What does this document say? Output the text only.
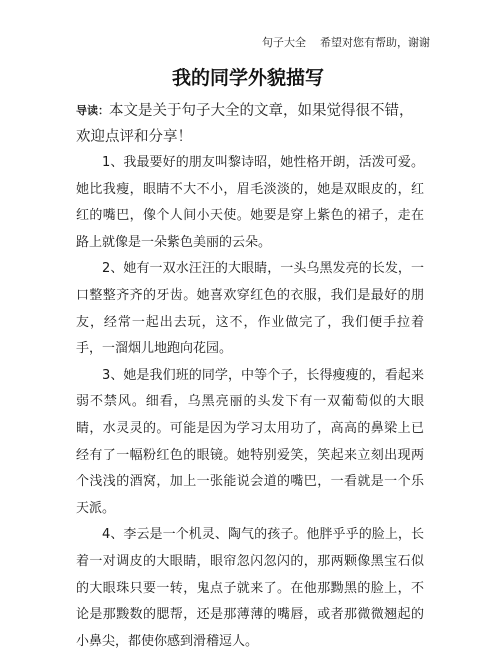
句子大全 希望对您有帮助，谢谢
我的同学外貌描写
导读：本文是关于句子大全的文章，如果觉得很不错，欢迎点评和分享！

1、我最要好的朋友叫黎诗昭，她性格开朗，活泼可爱。她比我瘦，眼睛不大不小，眉毛淡淡的，她是双眼皮的，红红的嘴巴，像个人间小天使。她要是穿上紫色的裙子，走在路上就像是一朵紫色美丽的云朵。

2、她有一双水汪汪的大眼睛，一头乌黑发亮的长发，一口整整齐齐的牙齿。她喜欢穿红色的衣服，我们是最好的朋友，经常一起出去玩，这不，作业做完了，我们便手拉着手，一溜烟儿地跑向花园。

3、她是我们班的同学，中等个子，长得瘦瘦的，看起来弱不禁风。细看，乌黑亮丽的头发下有一双葡萄似的大眼睛，水灵灵的。可能是因为学习太用功了，高高的鼻梁上已经有了一幅粉红色的眼镜。她特别爱笑，笑起来立刻出现两个浅浅的酒窝，加上一张能说会道的嘴巴，一看就是一个乐天派。

4、李云是一个机灵、陶气的孩子。他胖乎乎的脸上，长着一对调皮的大眼睛，眼帘忽闪忽闪的，那两颗像黑宝石似的大眼珠只要一转，鬼点子就来了。在他那黝黑的脸上，不论是那黢数的腮帮，还是那薄薄的嘴唇，或者那微微翘起的小鼻尖，都使你感到滑稽逗人。
